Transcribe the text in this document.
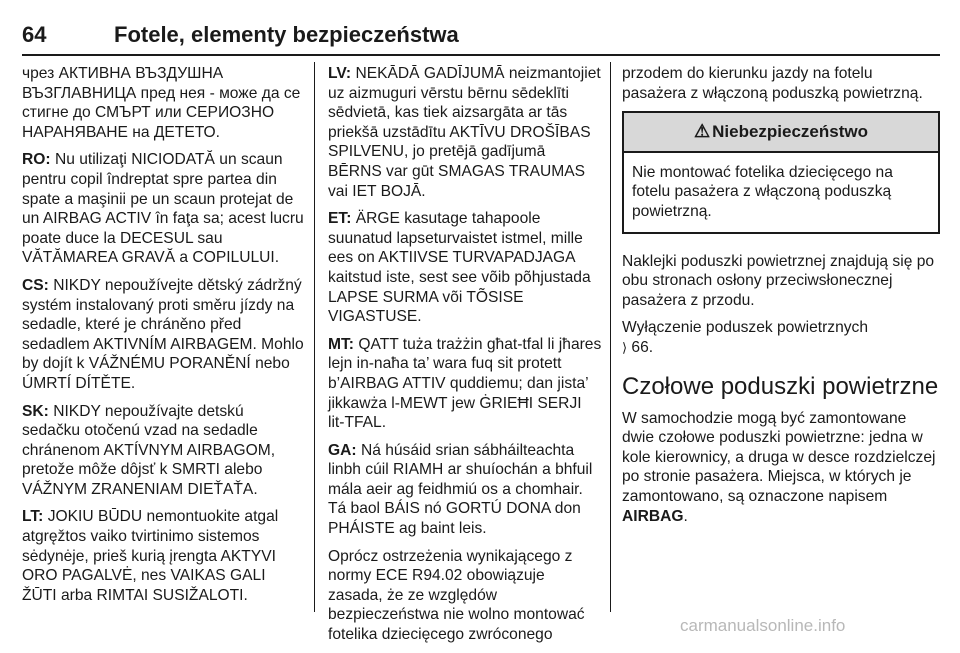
64	Fotele, elementy bezpieczeństwa

чрез АКТИВНА ВЪЗДУШНА ВЪЗГЛАВНИЦА пред нея - може да се стигне до СМЪРТ или СЕРИОЗНО НАРАНЯВАНЕ на ДЕТЕТО.

RO: Nu utilizaţi NICIODATĂ un scaun pentru copil îndreptat spre partea din spate a maşinii pe un scaun protejat de un AIRBAG ACTIV în faţa sa; acest lucru poate duce la DECESUL sau VĂTĂMAREA GRAVĂ a COPILULUI.

CS: NIKDY nepoužívejte dětský zádržný systém instalovaný proti směru jízdy na sedadle, které je chráněno před sedadlem AKTIVNÍM AIRBAGEM. Mohlo by dojít k VÁŽNÉMU PORANĚNÍ nebo ÚMRTÍ DÍTĚTE.

SK: NIKDY nepoužívajte detskú sedačku otočenú vzad na sedadle chránenom AKTÍVNYM AIRBAGOM, pretože môže dôjsť k SMRTI alebo VÁŽNYM ZRANENIAM DIEŤAŤA.

LT: JOKIU BŪDU nemontuokite atgal atgręžtos vaiko tvirtinimo sistemos sėdynėje, prieš kurią įrengta AKTYVI ORO PAGALVĖ, nes VAIKAS GALI ŽŪTI arba RIMTAI SUSIŽALOTI.

LV: NEKĀDĀ GADĪJUMĀ neizmantojiet uz aizmuguri vērstu bērnu sēdeklīti sēdvietā, kas tiek aizsargāta ar tās priekšā uzstādītu AKTĪVU DROŠĪBAS SPILVENU, jo pretējā gadījumā BĒRNS var gūt SMAGAS TRAUMAS vai IET BOJĀ.

ET: ÄRGE kasutage tahapoole suunatud lapseturvaistet istmel, mille ees on AKTIIVSE TURVAPADJAGA kaitstud iste, sest see võib põhjustada LAPSE SURMA või TÕSISE VIGASTUSE.

MT: QATT tuża trażżin għat-tfal li jħares lejn in-naħa ta’ wara fuq sit protett b’AIRBAG ATTIV quddiemu; dan jista’ jikkawża l-MEWT jew ĠRIEĦI SERJI lit-TFAL.

GA: Ná húsáid srian sábháilteachta linbh cúil RIAMH ar shuíochán a bhfuil mála aeir ag feidhmiú os a chomhair. Tá baol BÁIS nó GORTÚ DONA don PHÁISTE ag baint leis.

Oprócz ostrzeżenia wynikającego z normy ECE R94.02 obowiązuje zasada, że ze względów bezpieczeństwa nie wolno montować fotelika dziecięcego zwróconego

przodem do kierunku jazdy na fotelu pasażera z włączoną poduszką powietrzną.

⚠ Niebezpieczeństwo
Nie montować fotelika dziecięcego na fotelu pasażera z włączoną poduszką powietrzną.

Naklejki poduszki powietrznej znajdują się po obu stronach osłony przeciwsłonecznej pasażera z przodu.

Wyłączenie poduszek powietrznych
⟩ 66.

Czołowe poduszki powietrzne

W samochodzie mogą być zamontowane dwie czołowe poduszki powietrzne: jedna w kole kierownicy, a druga w desce rozdzielczej po stronie pasażera. Miejsca, w których je zamontowano, są oznaczone napisem AIRBAG.

carmanualsonline.info
